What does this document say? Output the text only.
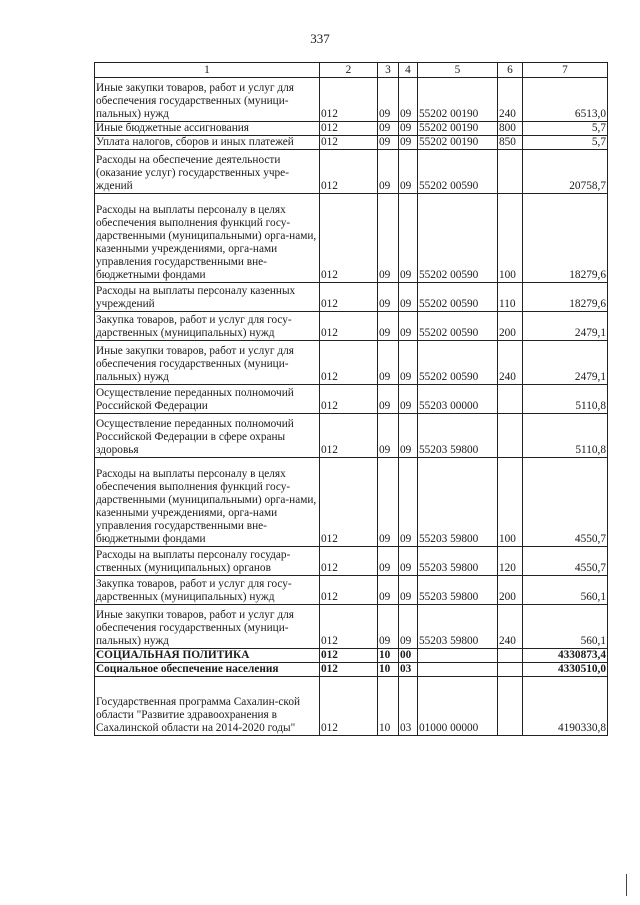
337
1	2	3	4	5	6	7
Иные закупки товаров, работ и услуг для обеспечения государственных (муници-пальных) нужд	012	09	09	55202 00190	240	6513,0
Иные бюджетные ассигнования	012	09	09	55202 00190	800	5,7
Уплата налогов, сборов и иных платежей	012	09	09	55202 00190	850	5,7
Расходы на обеспечение деятельности (оказание услуг) государственных учре-ждений	012	09	09	55202 00590		20758,7
Расходы на выплаты персоналу в целях обеспечения выполнения функций госу-дарственными (муниципальными) орга-нами, казенными учреждениями, орга-нами управления государственными вне-бюджетными фондами	012	09	09	55202 00590	100	18279,6
Расходы на выплаты персоналу казенных учреждений	012	09	09	55202 00590	110	18279,6
Закупка товаров, работ и услуг для госу-дарственных (муниципальных) нужд	012	09	09	55202 00590	200	2479,1
Иные закупки товаров, работ и услуг для обеспечения государственных (муници-пальных) нужд	012	09	09	55202 00590	240	2479,1
Осуществление переданных полномочий Российской Федерации	012	09	09	55203 00000		5110,8
Осуществление переданных полномочий Российской Федерации в сфере охраны здоровья	012	09	09	55203 59800		5110,8
Расходы на выплаты персоналу в целях обеспечения выполнения функций госу-дарственными (муниципальными) орга-нами, казенными учреждениями, орга-нами управления государственными вне-бюджетными фондами	012	09	09	55203 59800	100	4550,7
Расходы на выплаты персоналу государ-ственных (муниципальных) органов	012	09	09	55203 59800	120	4550,7
Закупка товаров, работ и услуг для госу-дарственных (муниципальных) нужд	012	09	09	55203 59800	200	560,1
Иные закупки товаров, работ и услуг для обеспечения государственных (муници-пальных) нужд	012	09	09	55203 59800	240	560,1
СОЦИАЛЬНАЯ ПОЛИТИКА	012	10	00			4330873,4
Социальное обеспечение населения	012	10	03			4330510,0
Государственная программа Сахалин-ской области "Развитие здравоохранения в Сахалинской области на 2014-2020 годы"	012	10	03	01000 00000		4190330,8
